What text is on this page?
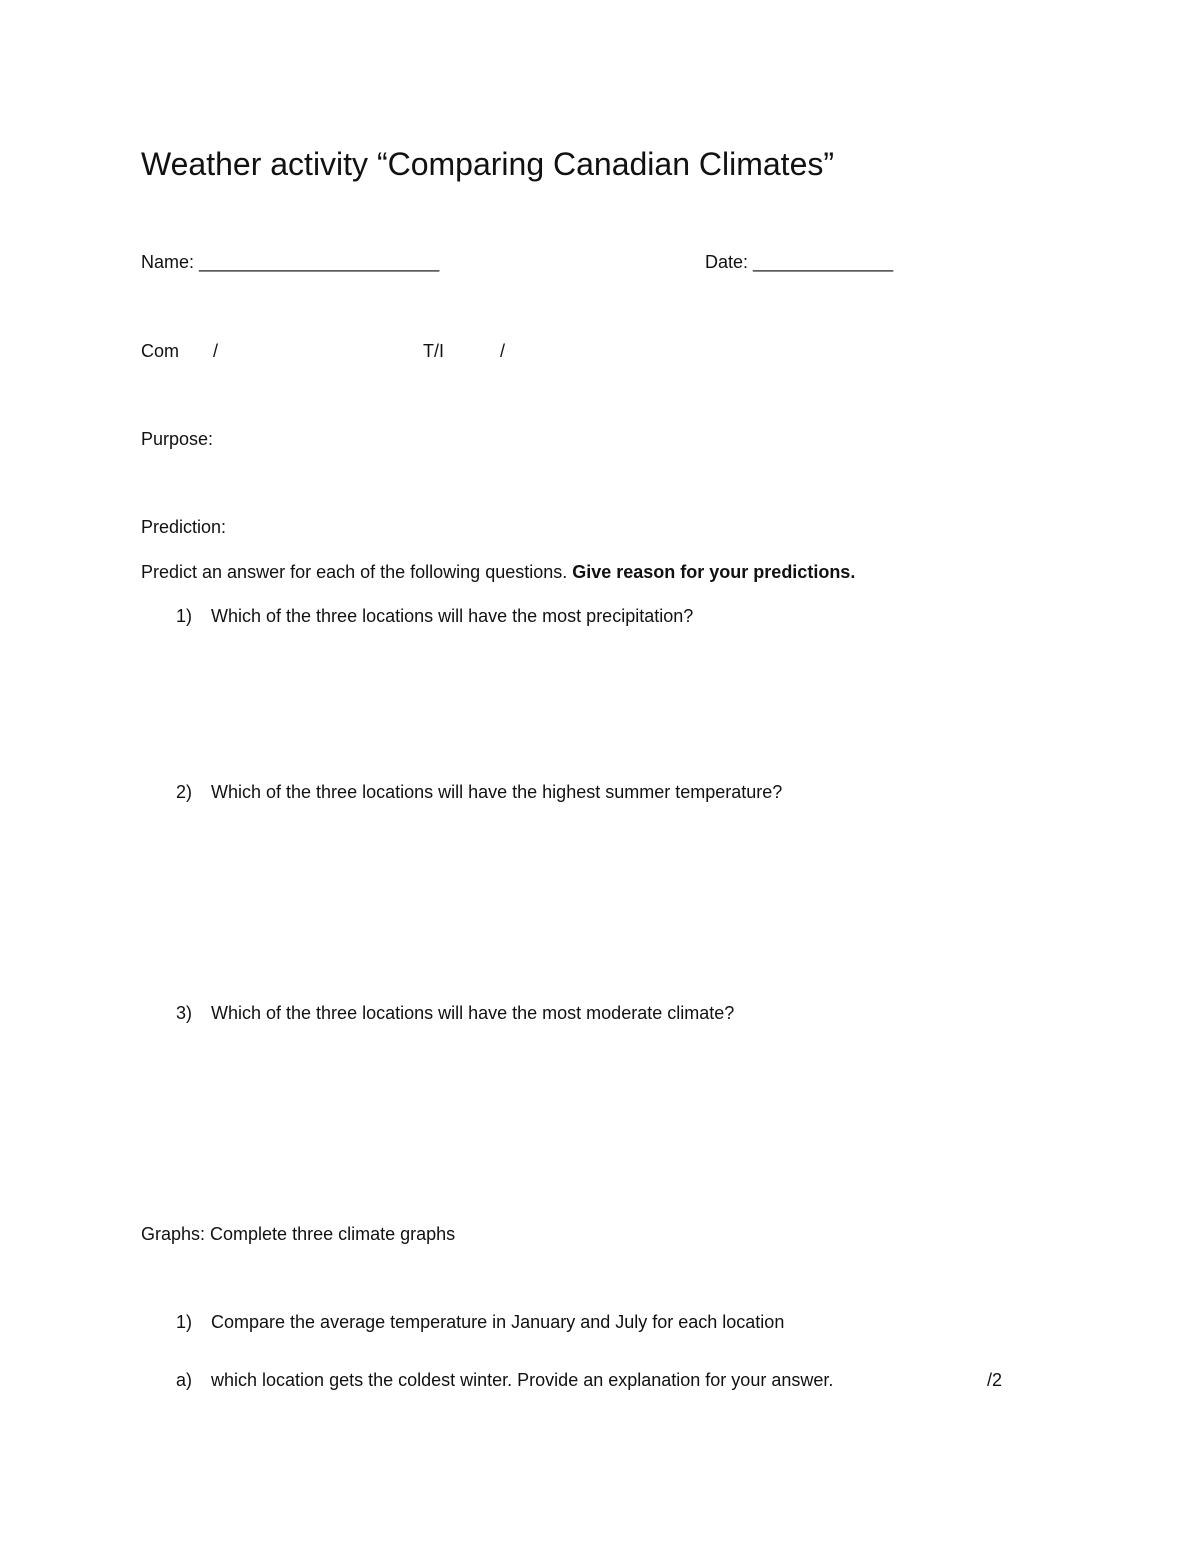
Weather activity “Comparing Canadian Climates”
Name: ________________________	Date: ______________
Com /	T/I	/
Purpose:
Prediction:
Predict an answer for each of the following questions. Give reason for your predictions.
1) Which of the three locations will have the most precipitation?
2) Which of the three locations will have the highest summer temperature?
3) Which of the three locations will have the most moderate climate?
Graphs: Complete three climate graphs
1) Compare the average temperature in January and July for each location
a) which location gets the coldest winter. Provide an explanation for your answer.	/2
